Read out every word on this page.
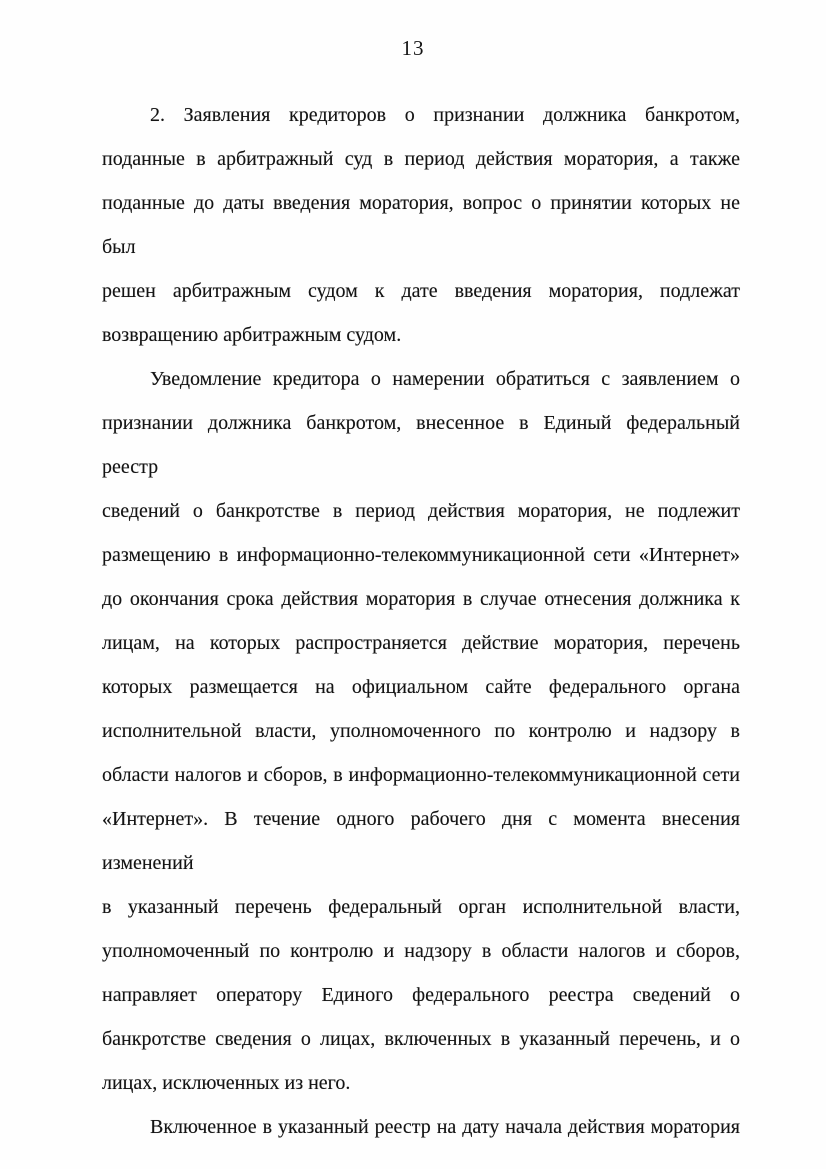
13
2. Заявления кредиторов о признании должника банкротом,
поданные в арбитражный суд в период действия моратория, а также
поданные до даты введения моратория, вопрос о принятии которых не был
решен арбитражным судом к дате введения моратория, подлежат
возвращению арбитражным судом.
Уведомление кредитора о намерении обратиться с заявлением о
признании должника банкротом, внесенное в Единый федеральный реестр
сведений о банкротстве в период действия моратория, не подлежит
размещению в информационно-телекоммуникационной сети «Интернет»
до окончания срока действия моратория в случае отнесения должника к
лицам, на которых распространяется действие моратория, перечень
которых размещается на официальном сайте федерального органа
исполнительной власти, уполномоченного по контролю и надзору в
области налогов и сборов, в информационно-телекоммуникационной сети
«Интернет». В течение одного рабочего дня с момента внесения изменений
в указанный перечень федеральный орган исполнительной власти,
уполномоченный по контролю и надзору в области налогов и сборов,
направляет оператору Единого федерального реестра сведений о
банкротстве сведения о лицах, включенных в указанный перечень, и о
лицах, исключенных из него.
Включенное в указанный реестр на дату начала действия моратория
